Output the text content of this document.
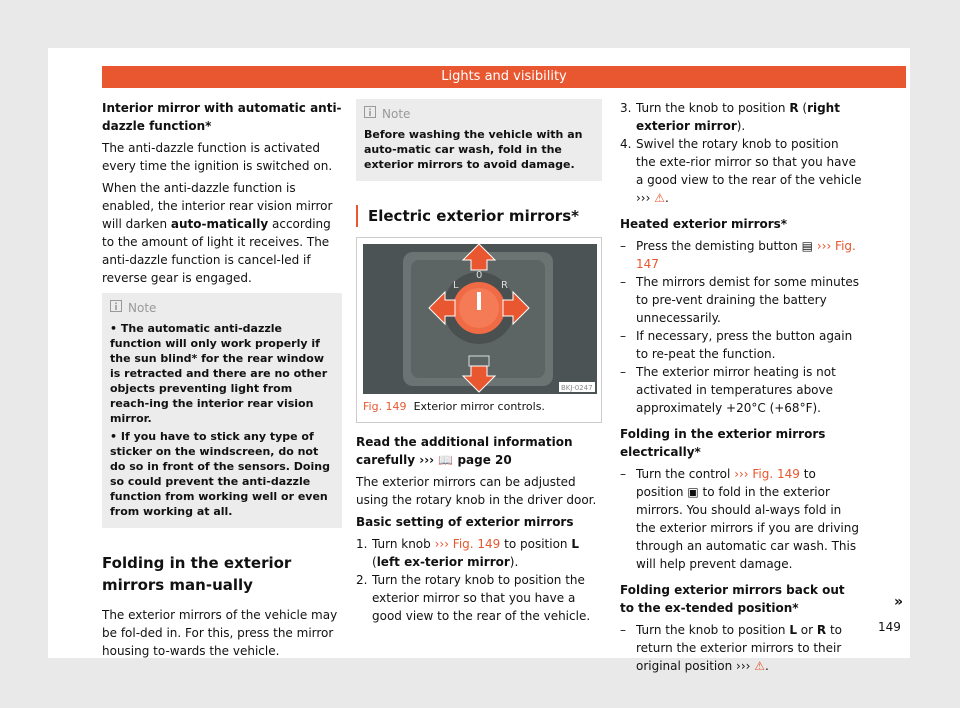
Lights and visibility

Interior mirror with automatic anti-dazzle function*

The anti-dazzle function is activated every time the ignition is switched on.

When the anti-dazzle function is enabled, the interior rear vision mirror will darken auto-matically according to the amount of light it receives. The anti-dazzle function is cancel-led if reverse gear is engaged.

Note

• The automatic anti-dazzle function will only work properly if the sun blind* for the rear window is retracted and there are no other objects preventing light from reach-ing the interior rear vision mirror.

• If you have to stick any type of sticker on the windscreen, do not do so in front of the sensors. Doing so could prevent the anti-dazzle function from working well or even from working at all.

Folding in the exterior mirrors man-ually

The exterior mirrors of the vehicle may be fol-ded in. For this, press the mirror housing to-wards the vehicle.

Note

Before washing the vehicle with an auto-matic car wash, fold in the exterior mirrors to avoid damage.

Electric exterior mirrors*
L
0
R
BKJ-0247
Fig. 149 Exterior mirror controls.

Read the additional information carefully ››› 📖 page 20

The exterior mirrors can be adjusted using the rotary knob in the driver door.

Basic setting of exterior mirrors

1. Turn knob ››› Fig. 149 to position L (left ex-terior mirror).
2. Turn the rotary knob to position the exterior mirror so that you have a good view to the rear of the vehicle.
3. Turn the knob to position R (right exterior mirror).
4. Swivel the rotary knob to position the exte-rior mirror so that you have a good view to the rear of the vehicle ››› ⚠.

Heated exterior mirrors*

– Press the demisting button ▤ ››› Fig. 147
– The mirrors demist for some minutes to pre-vent draining the battery unnecessarily.
– If necessary, press the button again to re-peat the function.
– The exterior mirror heating is not activated in temperatures above approximately +20°C (+68°F).

Folding in the exterior mirrors electrically*

– Turn the control ››› Fig. 149 to position ▣ to fold in the exterior mirrors. You should al-ways fold in the exterior mirrors if you are driving through an automatic car wash. This will help prevent damage.

Folding exterior mirrors back out to the ex-tended position*

– Turn the knob to position L or R to return the exterior mirrors to their original position ››› ⚠.
»
149
